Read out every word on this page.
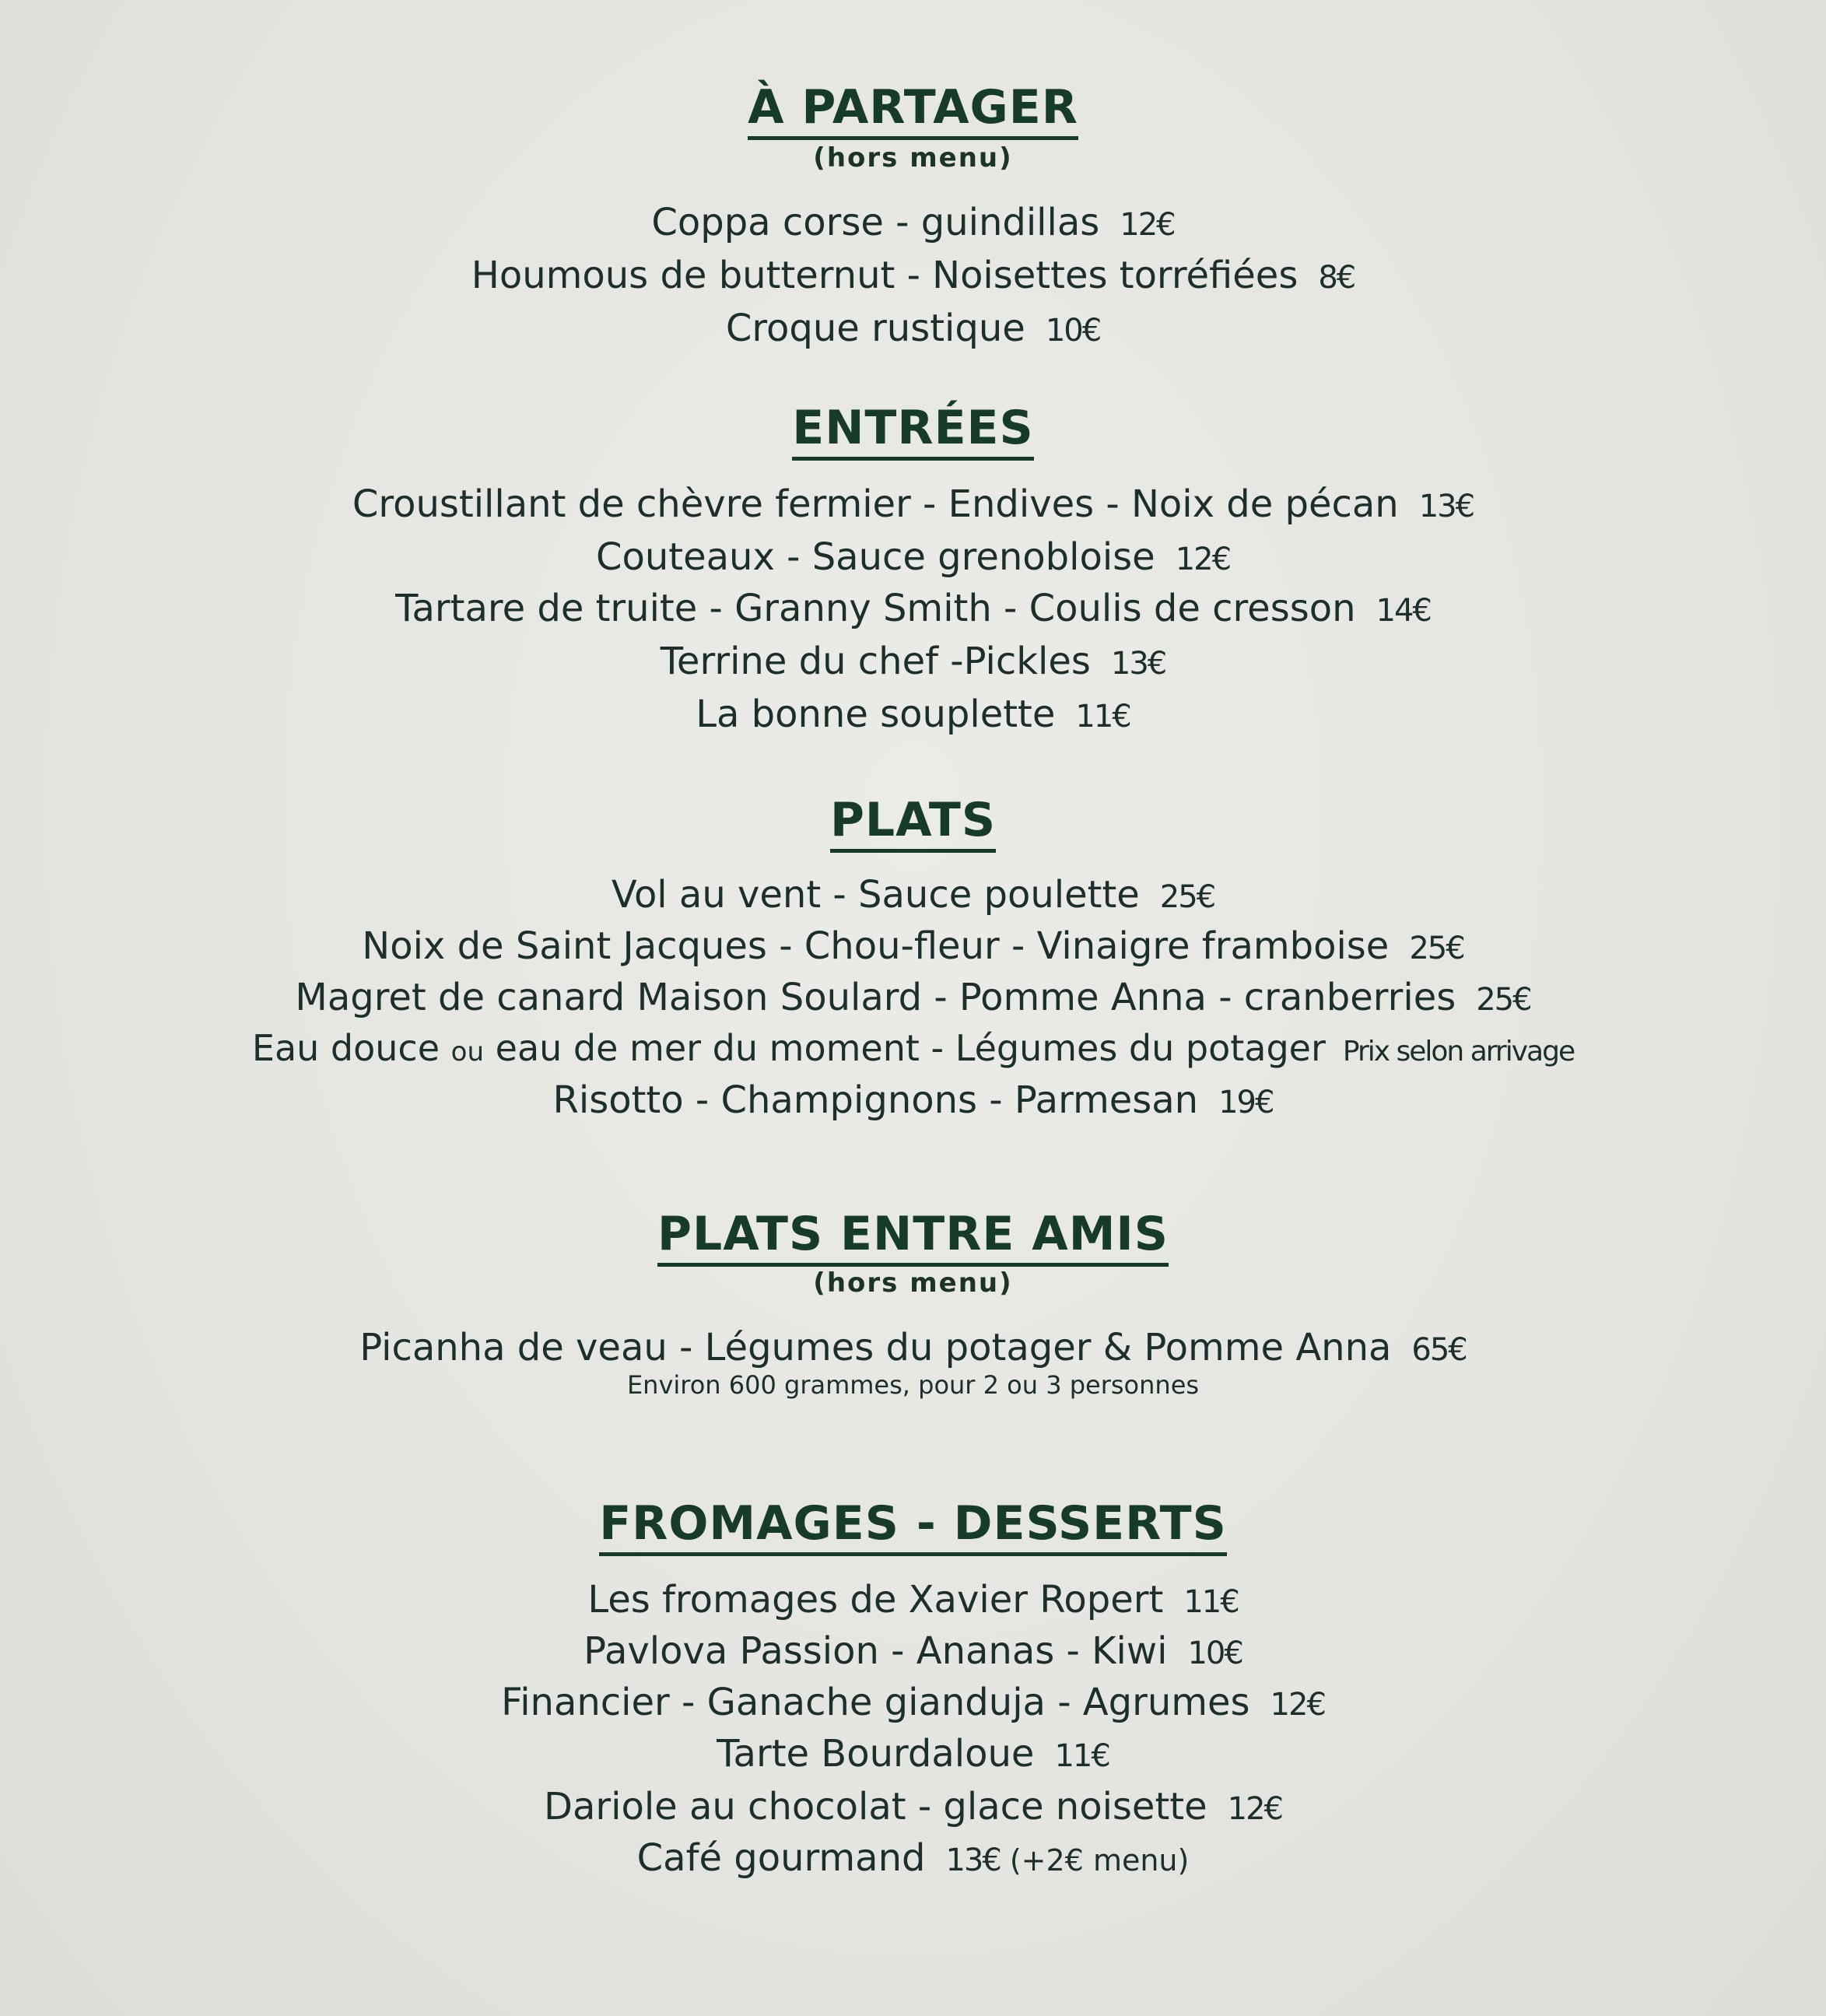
À PARTAGER
(hors menu)
Coppa corse - guindillas 12€
Houmous de butternut - Noisettes torréfiées 8€
Croque rustique 10€
ENTRÉES
Croustillant de chèvre fermier - Endives - Noix de pécan 13€
Couteaux - Sauce grenobloise 12€
Tartare de truite - Granny Smith - Coulis de cresson 14€
Terrine du chef -Pickles 13€
La bonne souplette 11€
PLATS
Vol au vent - Sauce poulette 25€
Noix de Saint Jacques - Chou-fleur - Vinaigre framboise 25€
Magret de canard Maison Soulard - Pomme Anna - cranberries 25€
Eau douce ou eau de mer du moment - Légumes du potager Prix selon arrivage
Risotto - Champignons - Parmesan 19€
PLATS ENTRE AMIS
(hors menu)
Picanha de veau - Légumes du potager & Pomme Anna 65€
Environ 600 grammes, pour 2 ou 3 personnes
FROMAGES - DESSERTS
Les fromages de Xavier Ropert 11€
Pavlova Passion - Ananas - Kiwi 10€
Financier - Ganache gianduja - Agrumes 12€
Tarte Bourdaloue 11€
Dariole au chocolat - glace noisette 12€
Café gourmand 13€ (+2€ menu)
